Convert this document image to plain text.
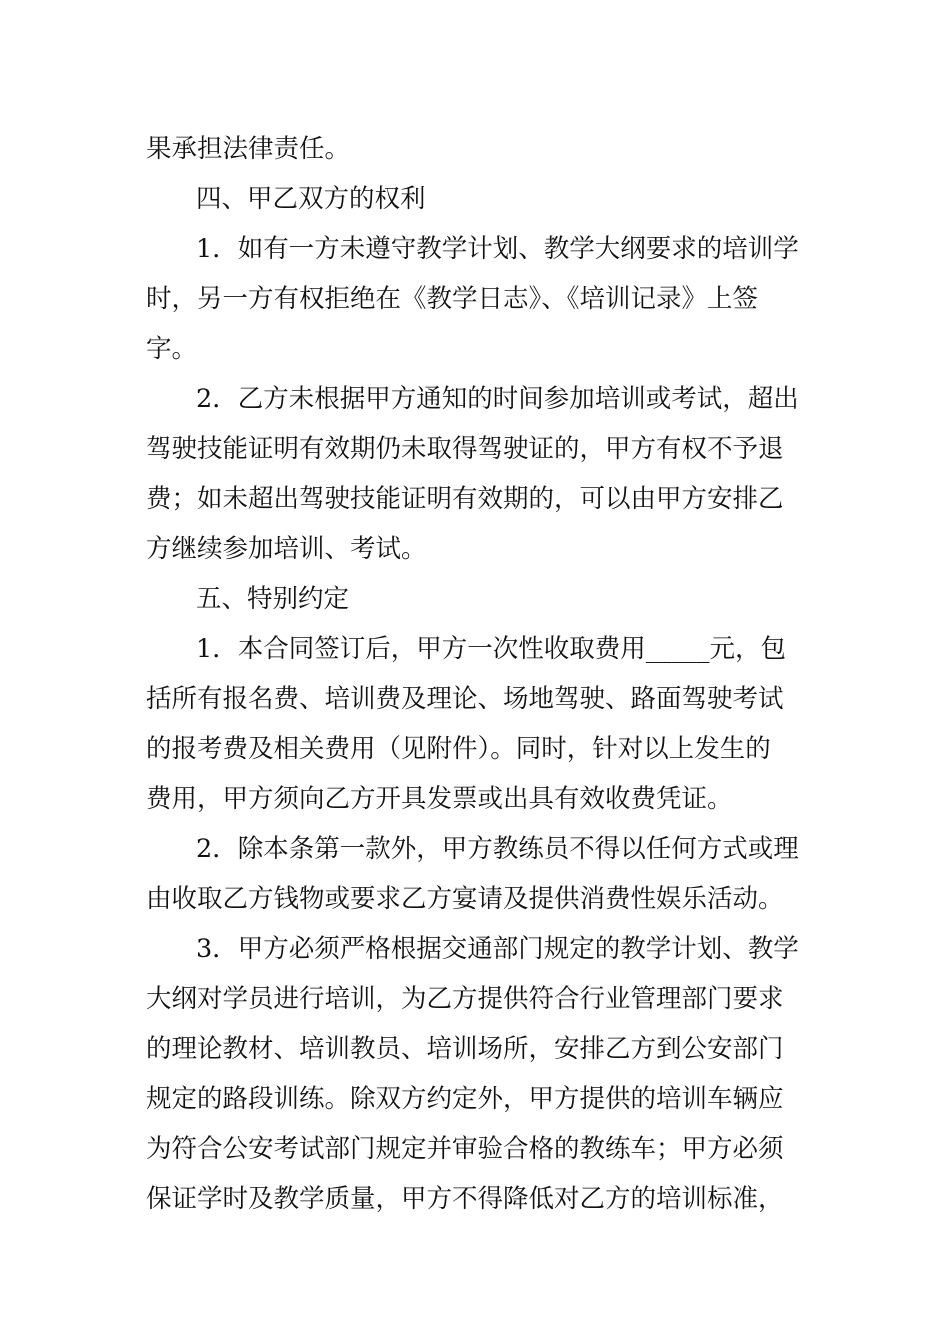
果承担法律责任。
四、甲乙双方的权利
1．如有一方未遵守教学计划、教学大纲要求的培训学
时，另一方有权拒绝在《教学日志》、《培训记录》上签
字。
2．乙方未根据甲方通知的时间参加培训或考试，超出
驾驶技能证明有效期仍未取得驾驶证的，甲方有权不予退
费；如未超出驾驶技能证明有效期的，可以由甲方安排乙
方继续参加培训、考试。
五、特别约定
1．本合同签订后，甲方一次性收取费用_____元，包
括所有报名费、培训费及理论、场地驾驶、路面驾驶考试
的报考费及相关费用（见附件）。同时，针对以上发生的
费用，甲方须向乙方开具发票或出具有效收费凭证。
2．除本条第一款外，甲方教练员不得以任何方式或理
由收取乙方钱物或要求乙方宴请及提供消费性娱乐活动。
3．甲方必须严格根据交通部门规定的教学计划、教学
大纲对学员进行培训，为乙方提供符合行业管理部门要求
的理论教材、培训教员、培训场所，安排乙方到公安部门
规定的路段训练。除双方约定外，甲方提供的培训车辆应
为符合公安考试部门规定并审验合格的教练车；甲方必须
保证学时及教学质量，甲方不得降低对乙方的培训标准，
